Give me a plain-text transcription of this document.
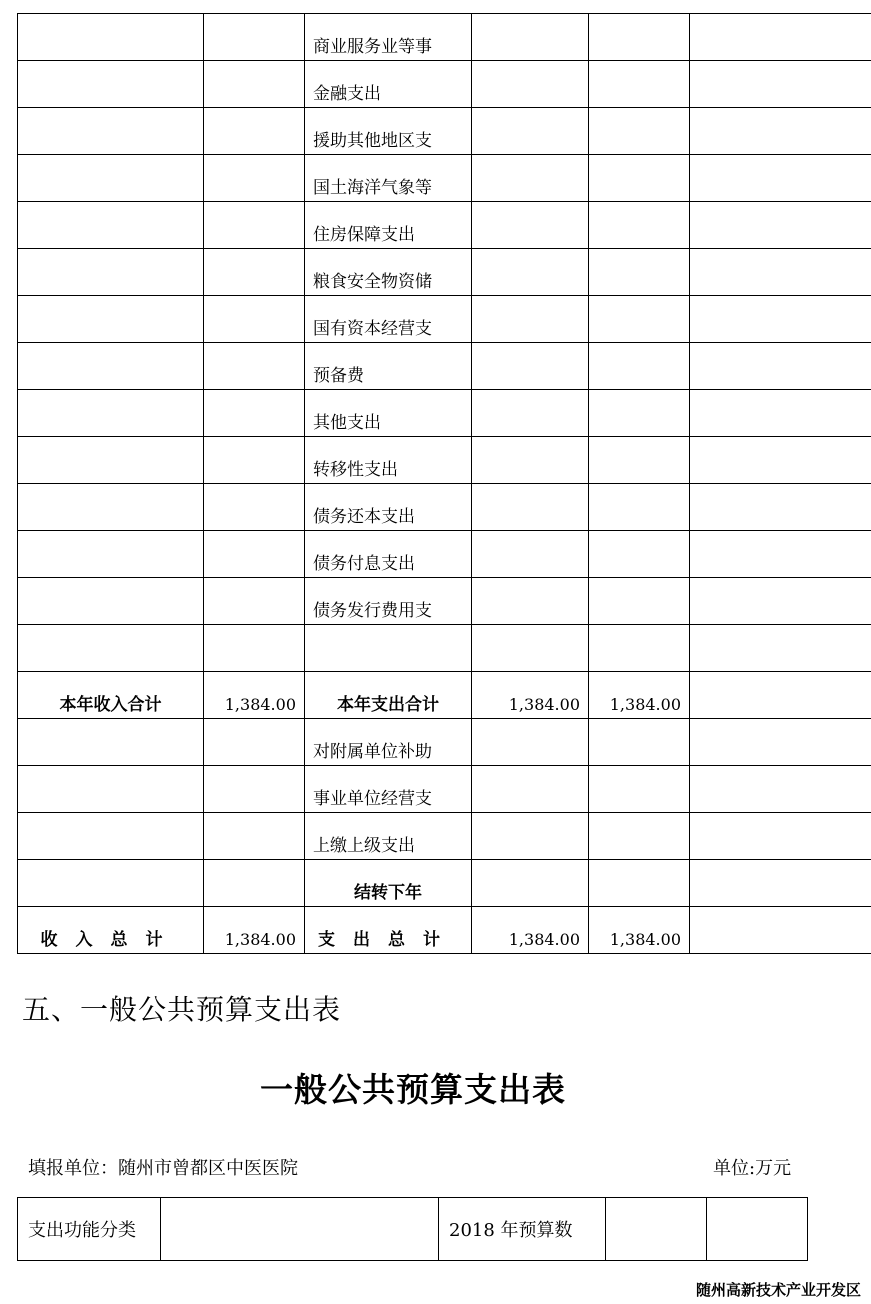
		商业服务业等事			
		金融支出			
		援助其他地区支			
		国土海洋气象等			
		住房保障支出			
		粮食安全物资储			
		国有资本经营支			
		预备费			
		其他支出			
		转移性支出			
		债务还本支出			
		债务付息支出			
		债务发行费用支			

本年收入合计	1,384.00	本年支出合计	1,384.00	1,384.00	
		对附属单位补助			
		事业单位经营支			
		上缴上级支出			
		结转下年			
收入总计	1,384.00	支出总计	1,384.00	1,384.00	
五、一般公共预算支出表
一般公共预算支出表
填报单位：随州市曾都区中医医院	单位:万元
支出功能分类		2018 年预算数		
随州高新技术产业开发区
